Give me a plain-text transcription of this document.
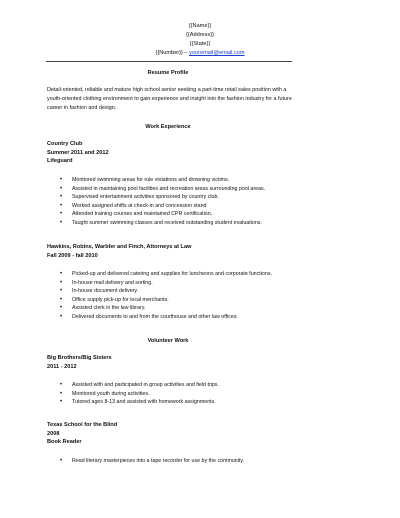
{{Name}}
{{Address}}
{{State}}
{{Number}} – youremail@email.com
Resume Profile
Detail-oriented, reliable and mature high school senior seeking a part-time retail sales position with a youth-oriented clothing environment to gain experience and insight into the fashion industry for a future career in fashion and design.
Work Experience
Country Club
Summer 2011 and 2012
Lifeguard
• Monitored swimming areas for rule violations and drowning victims.
• Assisted in maintaining pool facilities and recreation areas surrounding pool areas.
• Supervised entertainment activities sponsored by country club.
• Worked assigned shifts at check-in and concession stand
• Attended training courses and maintained CPR certification.
• Taught summer swimming classes and received outstanding student evaluations.
Hawkins, Robins, Warbler and Finch, Attorneys at Law
Fall 2009 - fall 2010
• Picked-up and delivered catering and supplies for luncheons and corporate functions.
• In-house mail delivery and sorting.
• In-house document delivery.
• Office supply pick-up for local merchants.
• Assisted clerk in the law library.
• Delivered documents to and from the courthouse and other law offices.
Volunteer Work
Big Brothers/Big Sisters
2011 - 2012
• Assisted with and participated in group activities and field trips.
• Monitored youth during activities.
• Tutored ages 8-13 and assisted with homework assignments.
Texas School for the Blind
2008
Book Reader
• Read literary masterpieces into a tape recorder for use by the community.
